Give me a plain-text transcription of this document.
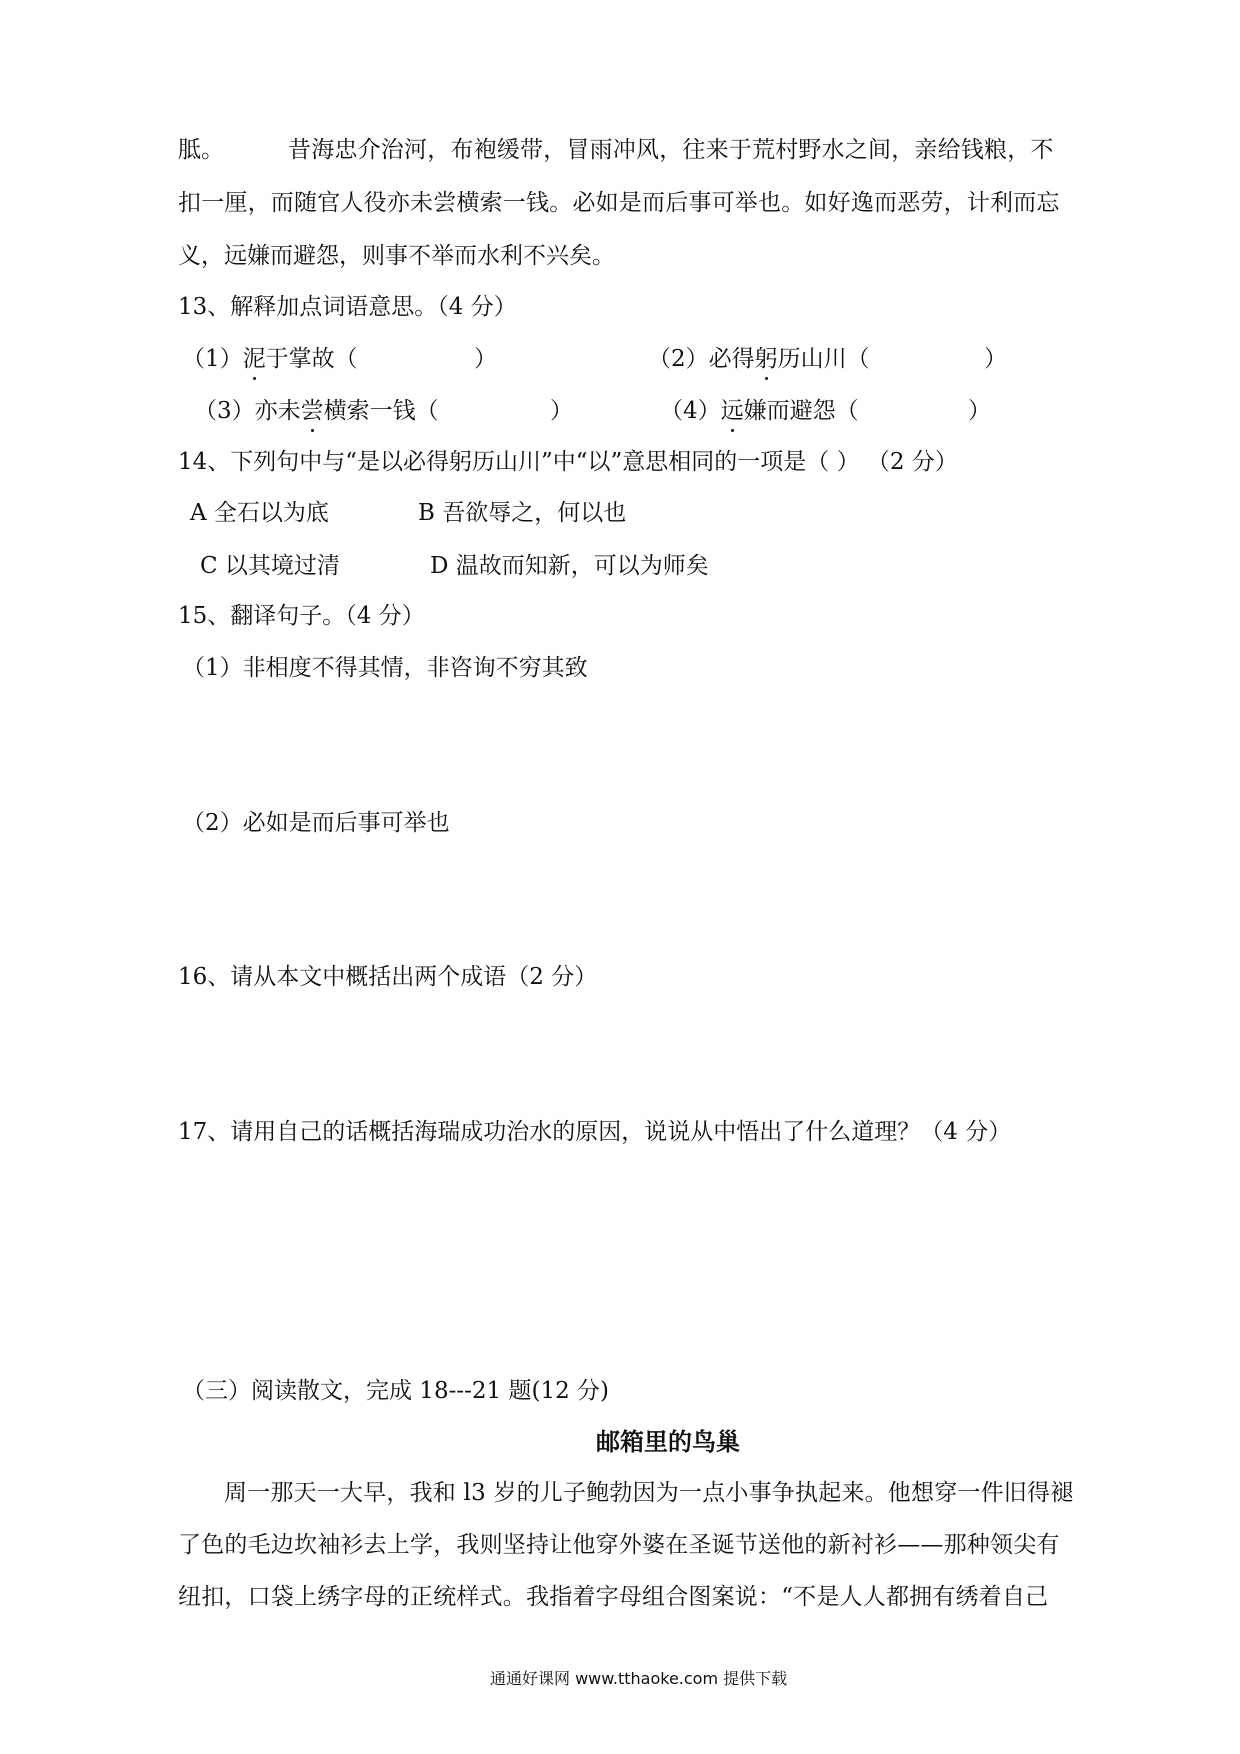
胝。	昔海忠介治河，布袍缓带，冒雨冲风，往来于荒村野水之间，亲给钱粮，不
扣一厘，而随官人役亦未尝横索一钱。必如是而后事可举也。如好逸而恶劳，计利而忘
义，远嫌而避怨，则事不举而水利不兴矣。
13、解释加点词语意思。（4 分）
（1）泥于掌故（	）	（2）必得躬历山川（	）
（3）亦未尝横索一钱（	）	（4）远嫌而避怨（	）
14、下列句中与“是以必得躬历山川”中“以”意思相同的一项是（ ） （2 分）
A 全石以为底	B 吾欲辱之，何以也
C 以其境过清	D 温故而知新，可以为师矣
15、翻译句子。（4 分）
（1）非相度不得其情，非咨询不穷其致
（2）必如是而后事可举也
16、请从本文中概括出两个成语（2 分）
17、请用自己的话概括海瑞成功治水的原因，说说从中悟出了什么道理？（4 分）
（三）阅读散文，完成 18---21 题(12 分)
邮箱里的鸟巢
周一那天一大早，我和 l3 岁的儿子鲍勃因为一点小事争执起来。他想穿一件旧得褪
了色的毛边坎袖衫去上学，我则坚持让他穿外婆在圣诞节送他的新衬衫——那种领尖有
纽扣，口袋上绣字母的正统样式。我指着字母组合图案说：“不是人人都拥有绣着自己
通通好课网 www.tthaoke.com 提供下载
